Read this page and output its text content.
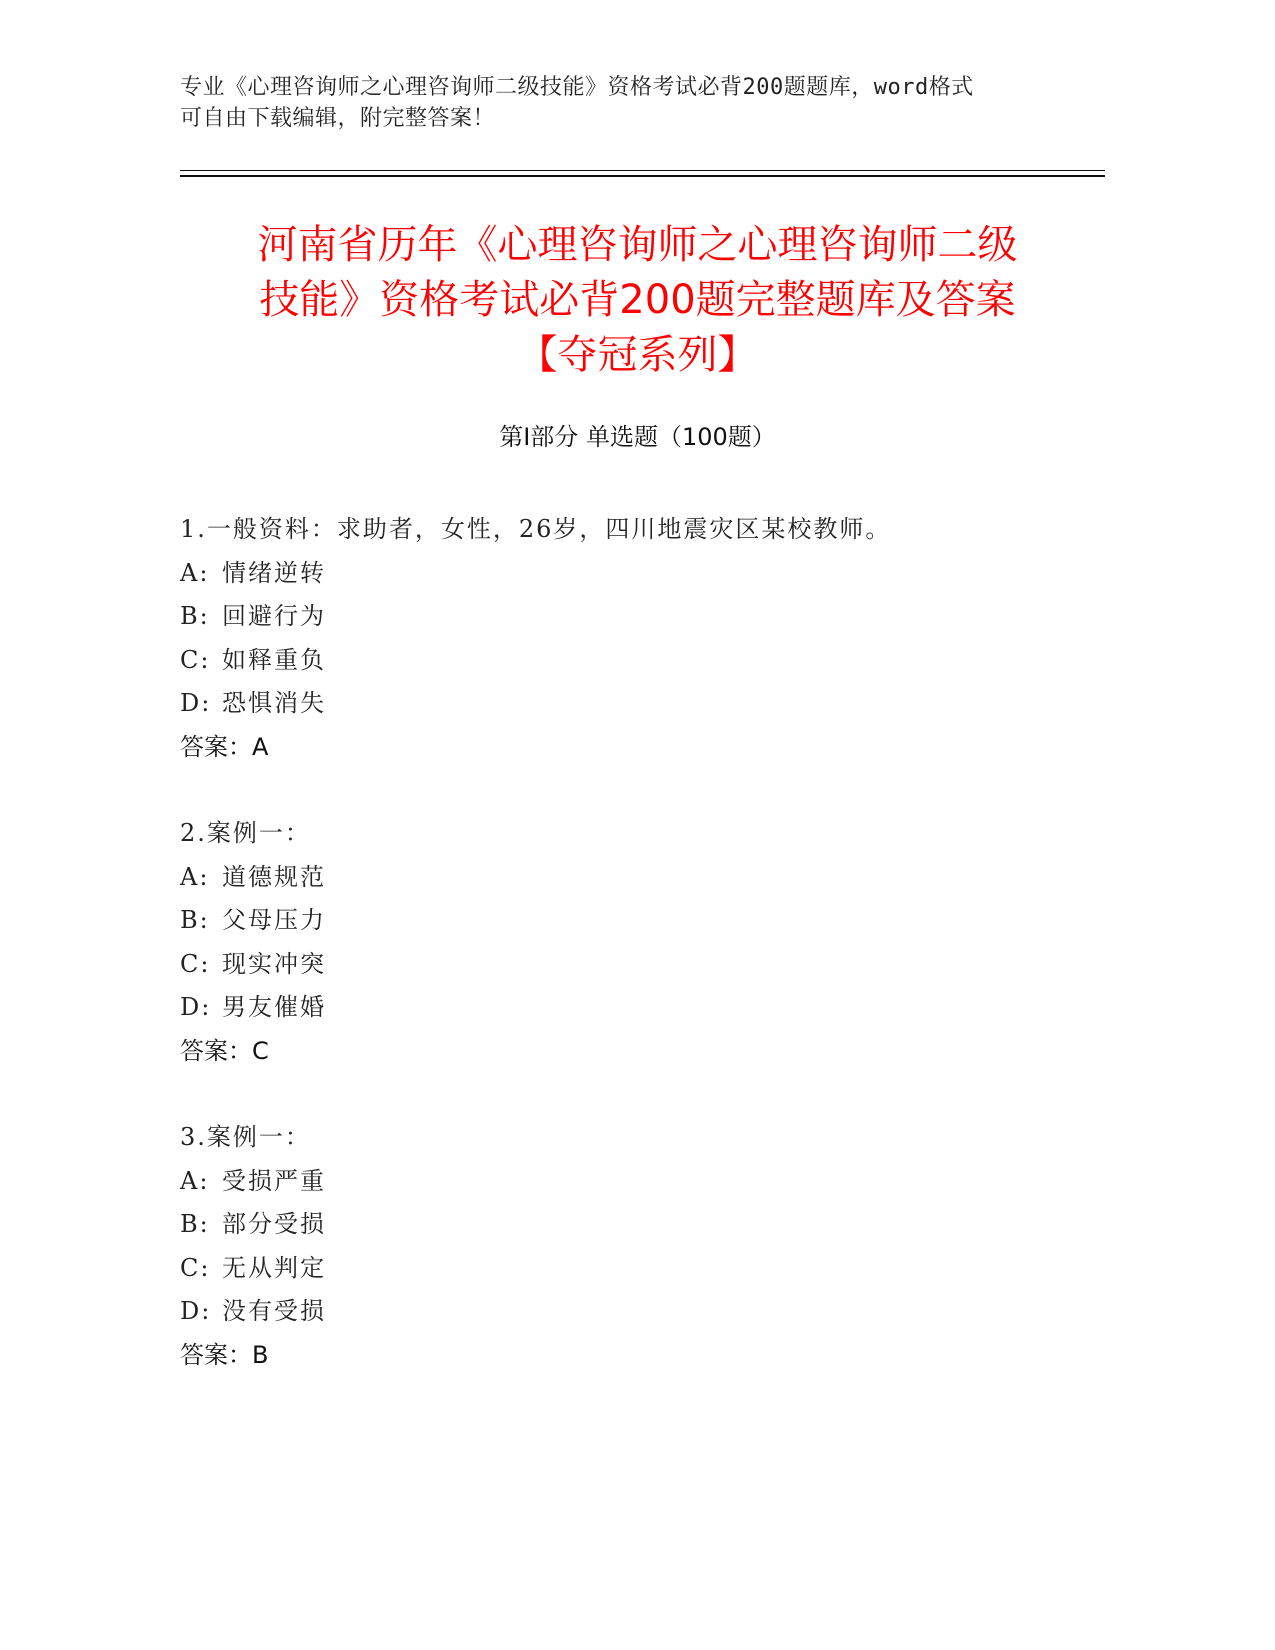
专业《心理咨询师之心理咨询师二级技能》资格考试必背200题题库，word格式
可自由下载编辑，附完整答案！
河南省历年《心理咨询师之心理咨询师二级
技能》资格考试必背200题完整题库及答案
【夺冠系列】
第Ⅰ部分 单选题（100题）
1.一般资料：求助者，女性，26岁，四川地震灾区某校教师。
A: 情绪逆转
B: 回避行为
C: 如释重负
D: 恐惧消失
答案：A
2.案例一：
A: 道德规范
B: 父母压力
C: 现实冲突
D: 男友催婚
答案：C
3.案例一：
A: 受损严重
B: 部分受损
C: 无从判定
D: 没有受损
答案：B
